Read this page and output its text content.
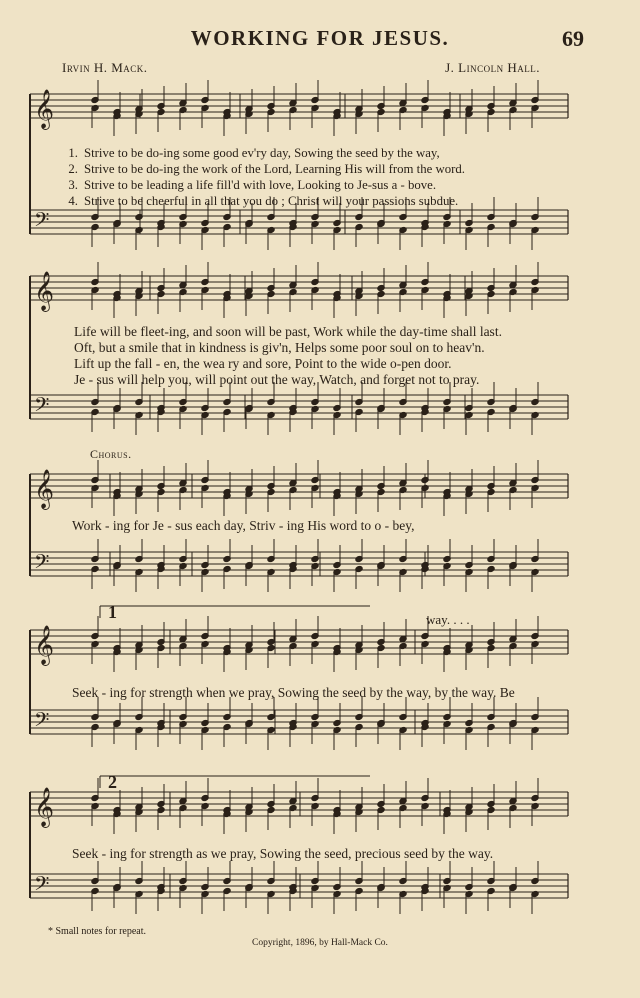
WORKING FOR JESUS.	69
Irvin H. Mack.	J. Lincoln Hall.
𝄞
𝄢
𝄞
𝄢
𝄞
𝄢
𝄞
𝄢
𝄞
𝄢
1. Strive to be do-ing some good ev'ry day, Sowing the seed by the way,
2. Strive to be do-ing the work of the Lord, Learning His will from the word.
3. Strive to be leading a life fill'd with love, Looking to Je-sus a - bove.
4. Strive to be cheerful in all that you do ; Christ will your passions subdue.
Life will be fleet-ing, and soon will be past, Work while the day-time shall last.
Oft, but a smile that in kindness is giv'n, Helps some poor soul on to heav'n.
Lift up the fall - en, the wea ry and sore, Point to the wide o-pen door.
Je - sus will help you, will point out the way, Watch, and forget not to pray.
Chorus.
Work - ing for Je - sus each day, Striv - ing His word to o - bey,
1	way. . . .
Seek - ing for strength when we pray, Sowing the seed by the way, by the way. Be
2
Seek - ing for strength as we pray, Sowing the seed, precious seed by the way.
* Small notes for repeat.
Copyright, 1896, by Hall-Mack Co.
